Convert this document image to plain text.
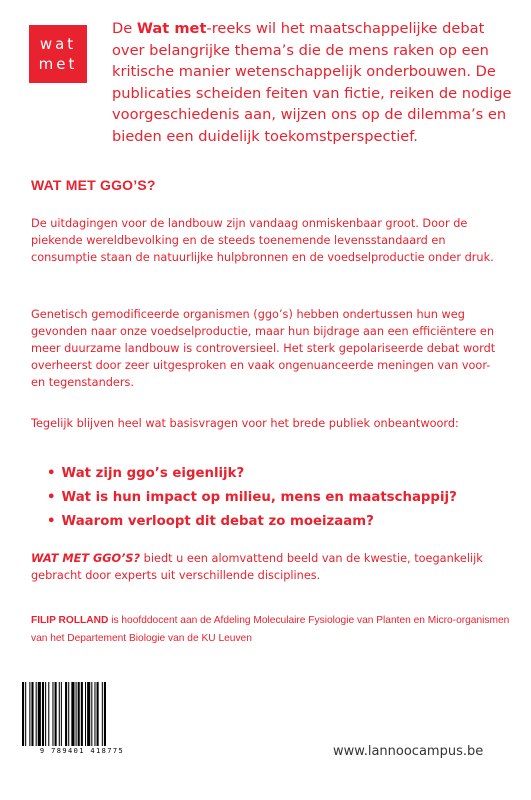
wat
met
De Wat met-reeks wil het maatschappelijke debat over belangrijke thema’s die de mens raken op een kritische manier wetenschappelijk onderbouwen. De publicaties scheiden feiten van fictie, reiken de nodige voorgeschiedenis aan, wijzen ons op de dilemma’s en bieden een duidelijk toekomstperspectief.
WAT MET GGO’S?
De uitdagingen voor de landbouw zijn vandaag onmiskenbaar groot. Door de piekende wereldbevolking en de steeds toenemende levensstandaard en consumptie staan de natuurlijke hulpbronnen en de voedselproductie onder druk.
Genetisch gemodificeerde organismen (ggo’s) hebben ondertussen hun weg gevonden naar onze voedselproductie, maar hun bijdrage aan een efficiëntere en meer duurzame landbouw is controversieel. Het sterk gepolariseerde debat wordt overheerst door zeer uitgesproken en vaak ongenuanceerde meningen van voor- en tegenstanders.
Tegelijk blijven heel wat basisvragen voor het brede publiek onbeantwoord:
• Wat zijn ggo’s eigenlijk?
• Wat is hun impact op milieu, mens en maatschappij?
• Waarom verloopt dit debat zo moeizaam?
WAT MET GGO’S? biedt u een alomvattend beeld van de kwestie, toegankelijk gebracht door experts uit verschillende disciplines.
FILIP ROLLAND is hoofddocent aan de Afdeling Moleculaire Fysiologie van Planten en Micro-organismen van het Departement Biologie van de KU Leuven
9 789401 418775	www.lannoocampus.be
